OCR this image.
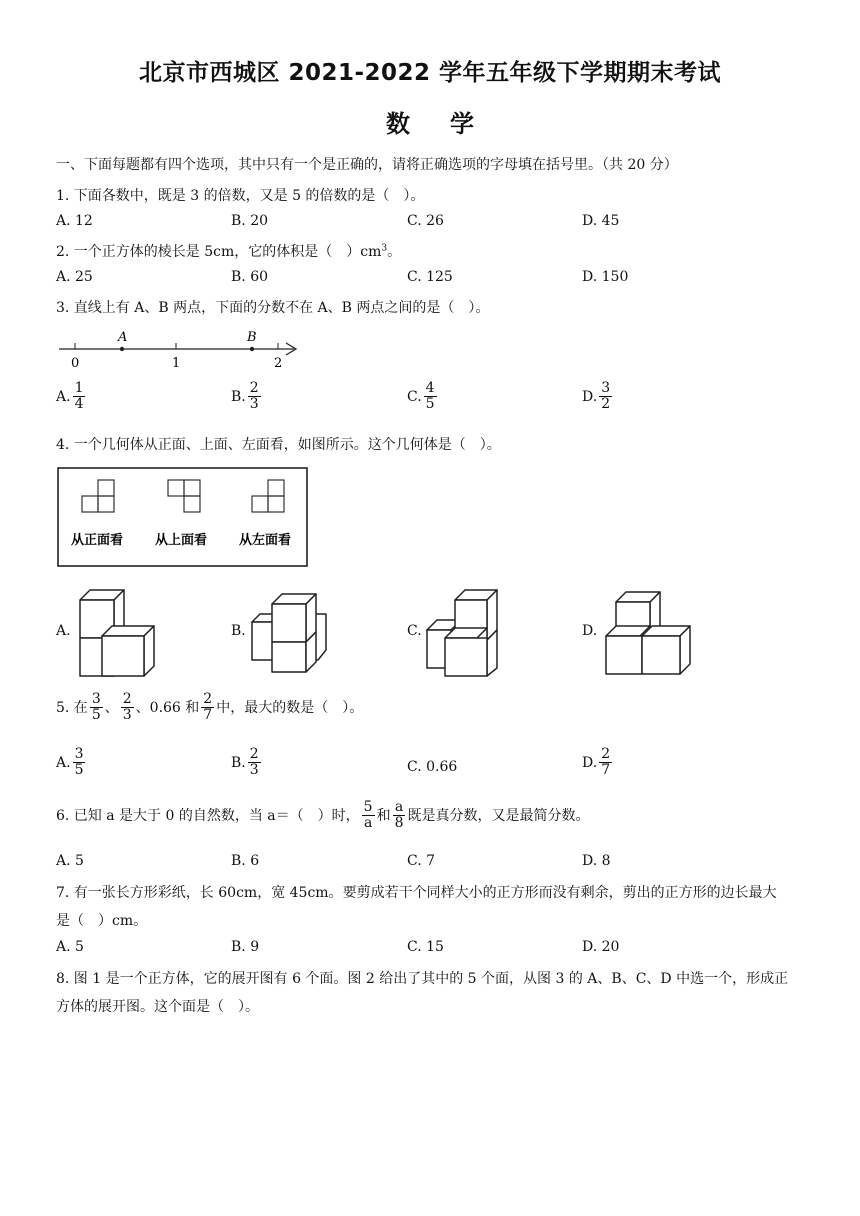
北京市西城区 2021-2022 学年五年级下学期期末考试
数学
一、下面每题都有四个选项，其中只有一个是正确的，请将正确选项的字母填在括号里。（共 20 分）
1. 下面各数中，既是 3 的倍数，又是 5 的倍数的是（　）。
A. 12	B. 20	C. 26	D. 45
2. 一个正方体的棱长是 5cm，它的体积是（　）$cm^3$。
A. 25	B. 60	C. 125	D. 150
3. 直线上有 A、B 两点，下面的分数不在 A、B 两点之间的是（　）。
A	B
0	1	2
A. $\frac{1}{4}$	B. $\frac{2}{3}$	C. $\frac{4}{5}$	D. $\frac{3}{2}$
4. 一个几何体从正面、上面、左面看，如图所示。这个几何体是（　）。
从正面看 从上面看 从左面看
A.	B.	C.	D.
5. 在 $\frac{3}{5}$ 、 $\frac{2}{3}$ 、0.66 和 $\frac{2}{7}$ 中，最大的数是（　）。
A. $\frac{3}{5}$	B. $\frac{2}{3}$	C. 0.66	D. $\frac{2}{7}$
6. 已知 a 是大于 0 的自然数，当 a＝（　）时， $\frac{5}{a}$ 和 $\frac{a}{8}$ 既是真分数，又是最简分数。
A. 5	B. 6	C. 7	D. 8
7. 有一张长方形彩纸，长 60cm，宽 45cm。要剪成若干个同样大小的正方形而没有剩余，剪出的正方形的边长最大
是（　）cm。
A. 5	B. 9	C. 15	D. 20
8. 图 1 是一个正方体，它的展开图有 6 个面。图 2 给出了其中的 5 个面，从图 3 的 A、B、C、D 中选一个，形成正
方体的展开图。这个面是（　）。
